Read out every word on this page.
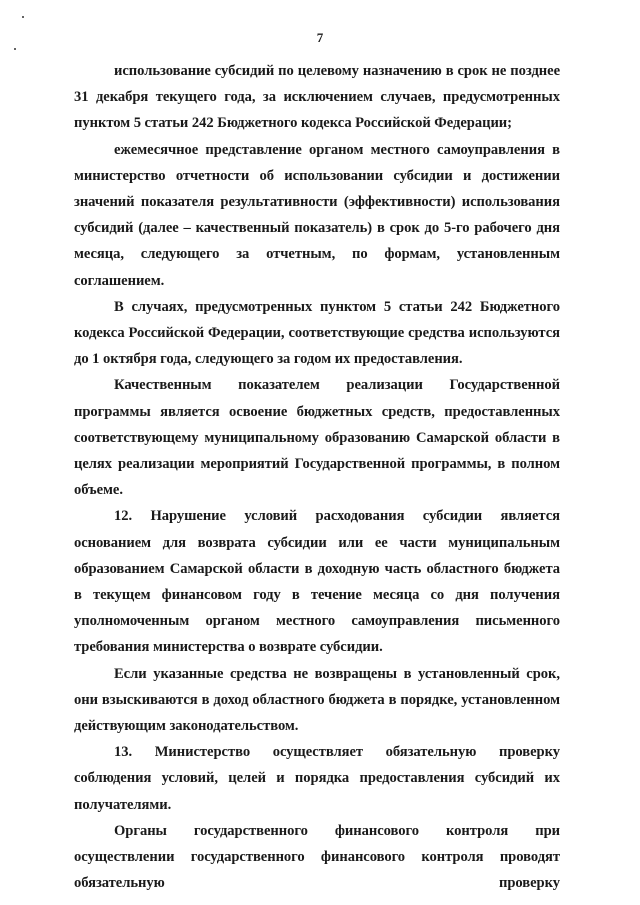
7

использование субсидий по целевому назначению в срок не позднее 31 декабря текущего года, за исключением случаев, предусмотренных пунктом 5 статьи 242 Бюджетного кодекса Российской Федерации;

ежемесячное представление органом местного самоуправления в министерство отчетности об использовании субсидии и достижении значений показателя результативности (эффективности) использования субсидий (далее – качественный показатель) в срок до 5-го рабочего дня месяца, следующего за отчетным, по формам, установленным соглашением.

В случаях, предусмотренных пунктом 5 статьи 242 Бюджетного кодекса Российской Федерации, соответствующие средства используются до 1 октября года, следующего за годом их предоставления.

Качественным показателем реализации Государственной программы является освоение бюджетных средств, предоставленных соответствующему муниципальному образованию Самарской области в целях реализации мероприятий Государственной программы, в полном объеме.

12. Нарушение условий расходования субсидии является основанием для возврата субсидии или ее части муниципальным образованием Самарской области в доходную часть областного бюджета в текущем финансовом году в течение месяца со дня получения уполномоченным органом местного самоуправления письменного требования министерства о возврате субсидии.

Если указанные средства не возвращены в установленный срок, они взыскиваются в доход областного бюджета в порядке, установленном действующим законодательством.

13. Министерство осуществляет обязательную проверку соблюдения условий, целей и порядка предоставления субсидий их получателями.

Органы государственного финансового контроля при осуществлении государственного финансового контроля проводят обязательную проверку
